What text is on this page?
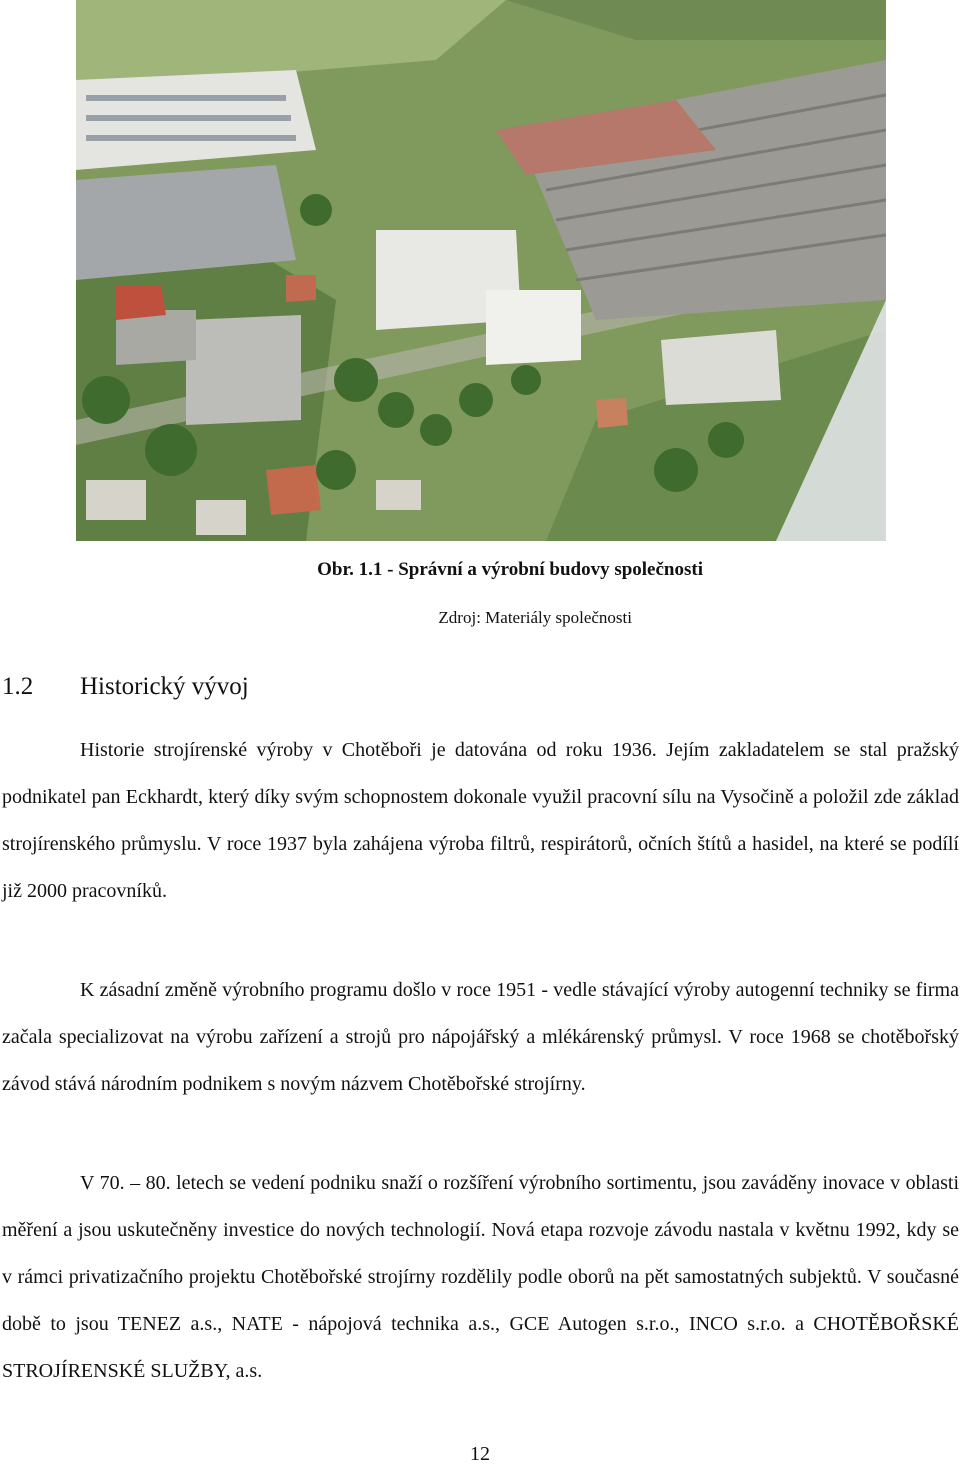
Obr. 1.1 - Správní a výrobní budovy společnosti
Zdroj: Materiály společnosti
1.2 Historický vývoj

Historie strojírenské výroby v Chotěboři je datována od roku 1936. Jejím zakladatelem se stal pražský podnikatel pan Eckhardt, který díky svým schopnostem dokonale využil pracovní sílu na Vysočině a položil zde základ strojírenského průmyslu. V roce 1937 byla zahájena výroba filtrů, respirátorů, očních štítů a hasidel, na které se podílí již 2000 pracovníků.

K zásadní změně výrobního programu došlo v roce 1951 - vedle stávající výroby autogenní techniky se firma začala specializovat na výrobu zařízení a strojů pro nápojářský a mlékárenský průmysl. V roce 1968 se chotěbořský závod stává národním podnikem s novým názvem Chotěbořské strojírny.

V 70. – 80. letech se vedení podniku snaží o rozšíření výrobního sortimentu, jsou zaváděny inovace v oblasti měření a jsou uskutečněny investice do nových technologií. Nová etapa rozvoje závodu nastala v květnu 1992, kdy se v rámci privatizačního projektu Chotěbořské strojírny rozdělily podle oborů na pět samostatných subjektů. V současné době to jsou TENEZ a.s., NATE - nápojová technika a.s., GCE Autogen s.r.o., INCO s.r.o. a CHOTĚBOŘSKÉ STROJÍRENSKÉ SLUŽBY, a.s.

12
